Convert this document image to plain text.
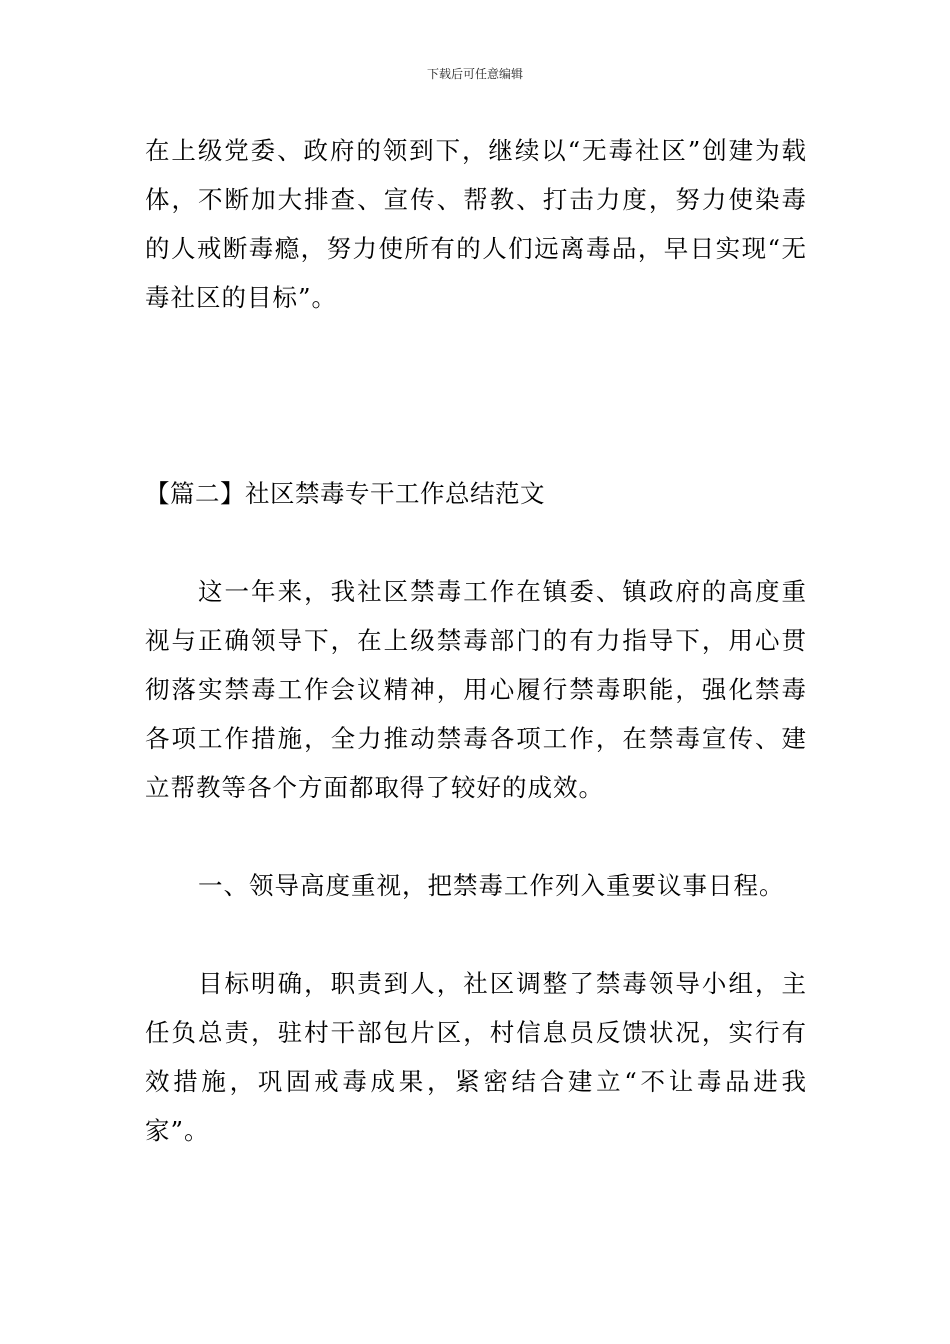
下载后可任意编辑

在上级党委、政府的领到下，继续以“无毒社区”创建为载体，不断加大排查、宣传、帮教、打击力度，努力使染毒的人戒断毒瘾，努力使所有的人们远离毒品，早日实现“无毒社区的目标”。

【篇二】社区禁毒专干工作总结范文

这一年来，我社区禁毒工作在镇委、镇政府的高度重视与正确领导下，在上级禁毒部门的有力指导下，用心贯彻落实禁毒工作会议精神，用心履行禁毒职能，强化禁毒各项工作措施，全力推动禁毒各项工作，在禁毒宣传、建立帮教等各个方面都取得了较好的成效。

一、领导高度重视，把禁毒工作列入重要议事日程。

目标明确，职责到人，社区调整了禁毒领导小组，主任负总责，驻村干部包片区，村信息员反馈状况，实行有效措施，巩固戒毒成果，紧密结合建立“不让毒品进我家”。
